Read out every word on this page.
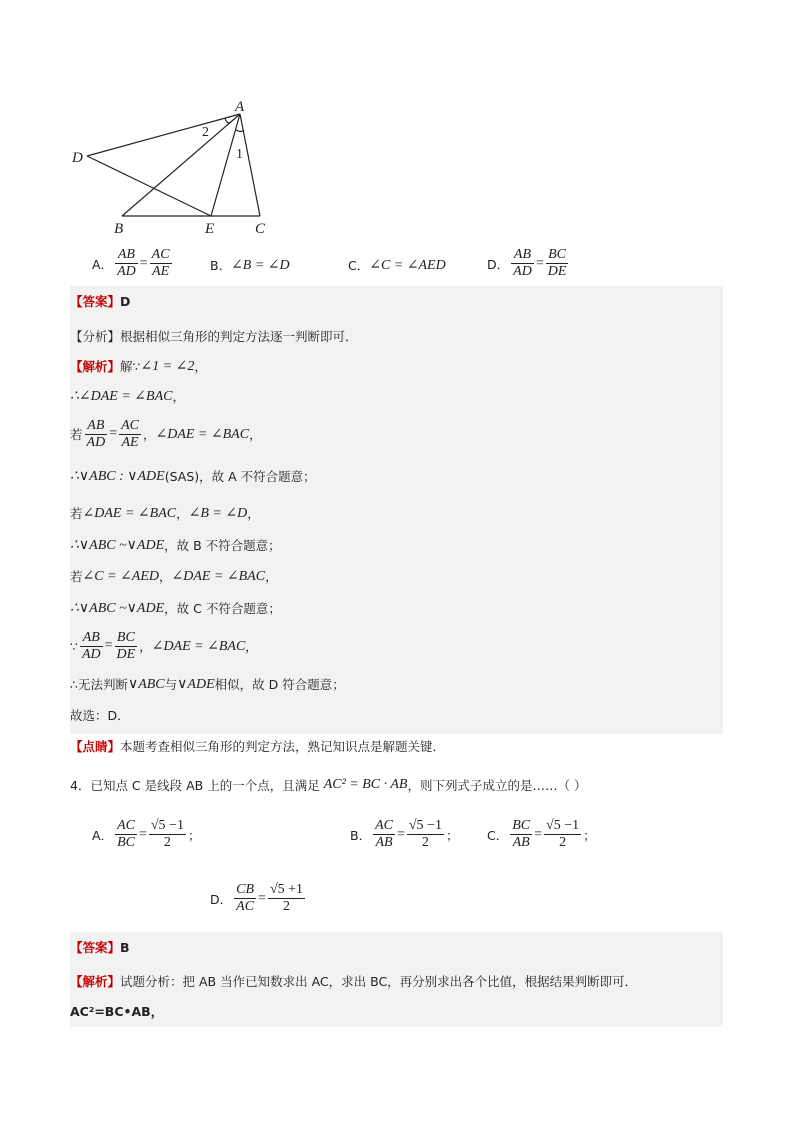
A
D
B	E	C
2
1
A． $\frac{AB}{AD} = \frac{AC}{AE}$	B． ∠B = ∠D	C． ∠C = ∠AED	D． $\frac{AB}{AD} = \frac{BC}{DE}$
【答案】 D
【分析】 根据相似三角形的判定方法逐一判断即可．
【解析】 解∵ ∠1 = ∠2 ，
∴∠DAE = ∠BAC ，
若 $\frac{AB}{AD} = \frac{AC}{AE}$ ， ∠DAE = ∠BAC ，
∴∨ABC : ∨ADE (SAS) ，故 A 不符合题意；
若 ∠DAE = ∠BAC ， ∠B = ∠D ，
∴∨ABC ~∨ADE ，故 B 不符合题意；
若 ∠C = ∠AED ， ∠DAE = ∠BAC ，
∴∨ABC ~∨ADE ，故 C 不符合题意；
∵ $\frac{AB}{AD} = \frac{BC}{DE}$ ， ∠DAE = ∠BAC ，
∴无法判断 ∨ABC 与 ∨ADE 相似，故 D 符合题意；
故选：D．
【点睛】 本题考查相似三角形的判定方法，熟记知识点是解题关键．
4．已知点 C 是线段 AB 上的一个点，且满足 AC² = BC · AB ，则下列式子成立的是……（ ）
A． $\frac{AC}{BC} = \frac{√5 -1}{2}$ ；	B． $\frac{AC}{AB} = \frac{√5 -1}{2}$ ； C． $\frac{BC}{AB} = \frac{√5 -1}{2}$ ；
D． $\frac{CB}{AC} = \frac{√5 +1}{2}$
【答案】 B
【解析】 试题分析：把 AB 当作已知数求出 AC，求出 BC，再分别求出各个比值，根据结果判断即可．
AC²=BC•AB，
